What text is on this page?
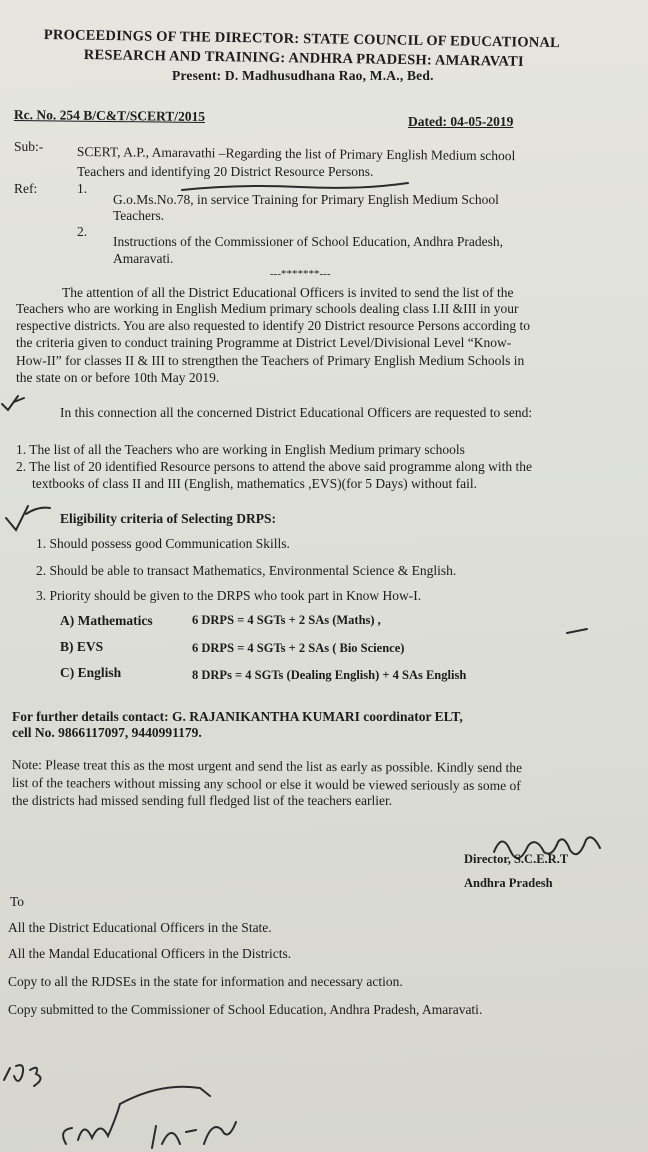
PROCEEDINGS OF THE DIRECTOR: STATE COUNCIL OF EDUCATIONAL
RESEARCH AND TRAINING: ANDHRA PRADESH: AMARAVATI
Present: D. Madhusudhana Rao, M.A., Bed.
Rc. No. 254 B/C&T/SCERT/2015	Dated: 04-05-2019
Sub:- SCERT, A.P., Amaravathi –Regarding the list of Primary English Medium school
Teachers and identifying 20 District Resource Persons.
Ref:	1.
G.o.Ms.No.78, in service Training for Primary English Medium School
Teachers.
2.
Instructions of the Commissioner of School Education, Andhra Pradesh,
Amaravati.
---*******---
The attention of all the District Educational Officers is invited to send the list of the
Teachers who are working in English Medium primary schools dealing class I.II &III in your
respective districts. You are also requested to identify 20 District resource Persons according to
the criteria given to conduct training Programme at District Level/Divisional Level “Know-
How-II” for classes II & III to strengthen the Teachers of Primary English Medium Schools in
the state on or before 10th May 2019.
In this connection all the concerned District Educational Officers are requested to send:
1. The list of all the Teachers who are working in English Medium primary schools
2. The list of 20 identified Resource persons to attend the above said programme along with the
textbooks of class II and III (English, mathematics ,EVS)(for 5 Days) without fail.
Eligibility criteria of Selecting DRPS:
1. Should possess good Communication Skills.
2. Should be able to transact Mathematics, Environmental Science & English.
3. Priority should be given to the DRPS who took part in Know How-I.
A) Mathematics	6 DRPS = 4 SGTs + 2 SAs (Maths) ,
B) EVS	6 DRPS = 4 SGTs + 2 SAs ( Bio Science)
C) English	8 DRPs = 4 SGTs (Dealing English) + 4 SAs English
For further details contact: G. RAJANIKANTHA KUMARI coordinator ELT,
cell No. 9866117097, 9440991179.
Note: Please treat this as the most urgent and send the list as early as possible. Kindly send the
list of the teachers without missing any school or else it would be viewed seriously as some of
the districts had missed sending full fledged list of the teachers earlier.
Director, S.C.E.R.T
Andhra Pradesh
To
All the District Educational Officers in the State.
All the Mandal Educational Officers in the Districts.
Copy to all the RJDSEs in the state for information and necessary action.
Copy submitted to the Commissioner of School Education, Andhra Pradesh, Amaravati.
